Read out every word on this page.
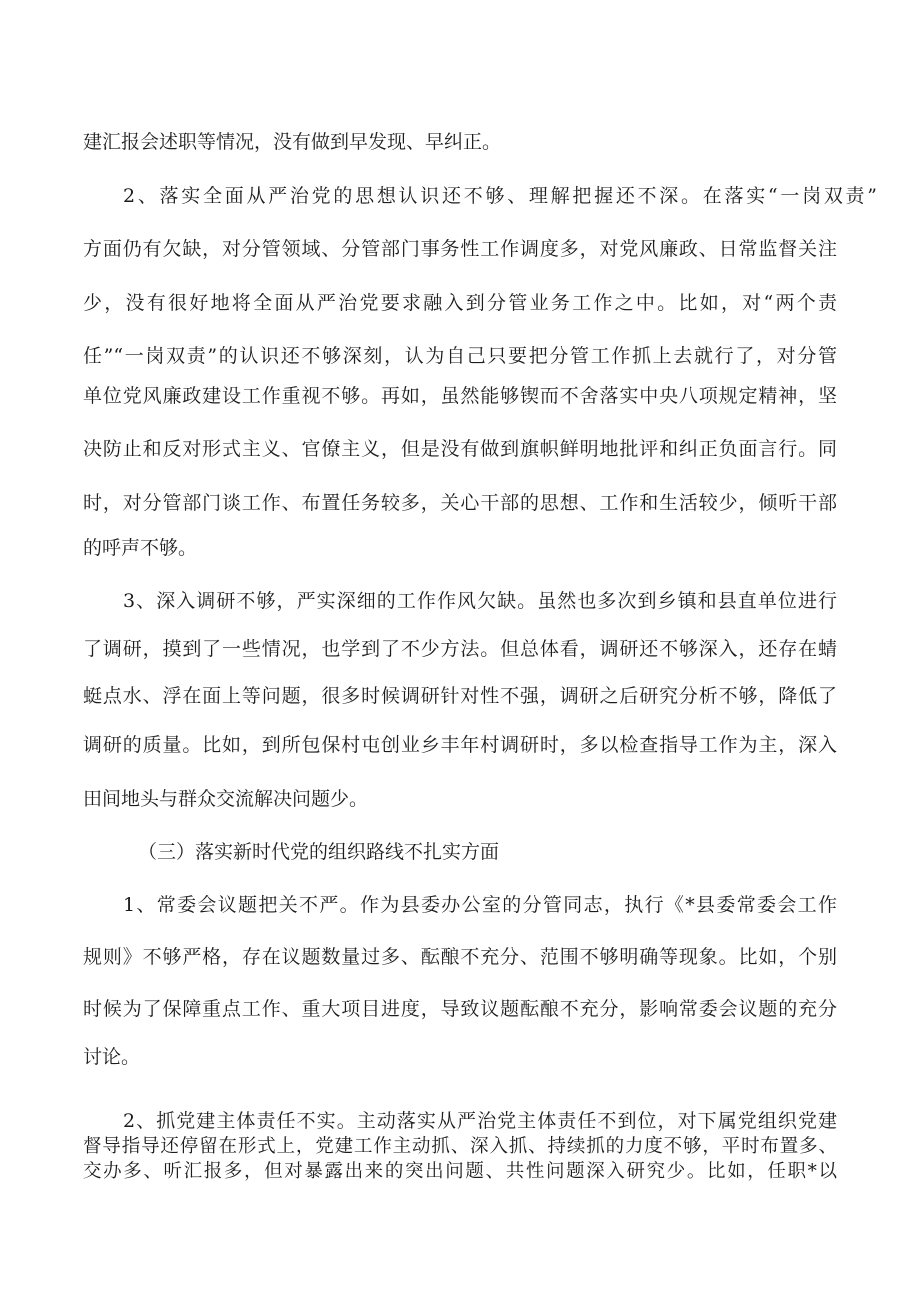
建汇报会述职等情况，没有做到早发现、早纠正。

2、落实全面从严治党的思想认识还不够、理解把握还不深。在落实“一岗双责”

方面仍有欠缺，对分管领域、分管部门事务性工作调度多，对党风廉政、日常监督关注

少，没有很好地将全面从严治党要求融入到分管业务工作之中。比如，对“两个责

任”“一岗双责”的认识还不够深刻，认为自己只要把分管工作抓上去就行了，对分管

单位党风廉政建设工作重视不够。再如，虽然能够锲而不舍落实中央八项规定精神，坚

决防止和反对形式主义、官僚主义，但是没有做到旗帜鲜明地批评和纠正负面言行。同

时，对分管部门谈工作、布置任务较多，关心干部的思想、工作和生活较少，倾听干部

的呼声不够。

3、深入调研不够，严实深细的工作作风欠缺。虽然也多次到乡镇和县直单位进行

了调研，摸到了一些情况，也学到了不少方法。但总体看，调研还不够深入，还存在蜻

蜓点水、浮在面上等问题，很多时候调研针对性不强，调研之后研究分析不够，降低了

调研的质量。比如，到所包保村屯创业乡丰年村调研时，多以检查指导工作为主，深入

田间地头与群众交流解决问题少。

（三）落实新时代党的组织路线不扎实方面

1、常委会议题把关不严。作为县委办公室的分管同志，执行《*县委常委会工作

规则》不够严格，存在议题数量过多、酝酿不充分、范围不够明确等现象。比如，个别

时候为了保障重点工作、重大项目进度，导致议题酝酿不充分，影响常委会议题的充分

讨论。

2、抓党建主体责任不实。主动落实从严治党主体责任不到位，对下属党组织党建

督导指导还停留在形式上，党建工作主动抓、深入抓、持续抓的力度不够，平时布置多、

交办多、听汇报多，但对暴露出来的突出问题、共性问题深入研究少。比如，任职*以
